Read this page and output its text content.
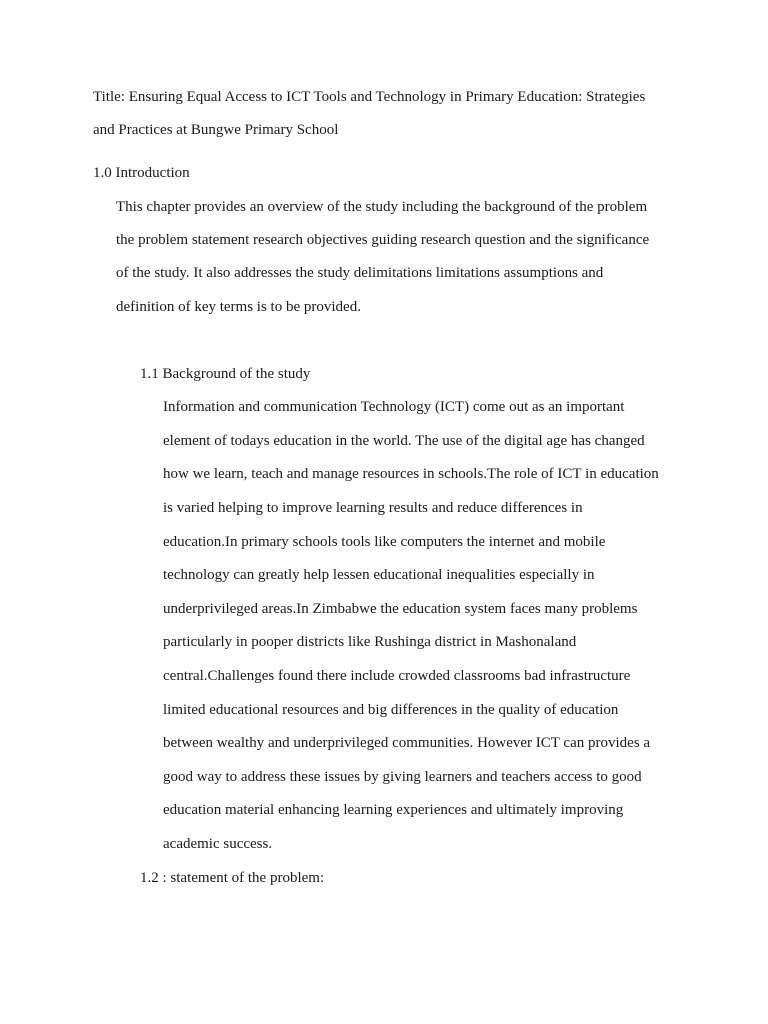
Title: Ensuring Equal Access to ICT Tools and Technology in Primary Education: Strategies
and Practices at Bungwe Primary School
1.0 Introduction
This chapter provides an overview of the study including the background of the problem
the problem statement research objectives guiding research question and the significance
of the study. It also addresses the study delimitations limitations assumptions and
definition of key terms is to be provided.
1.1 Background of the study
Information and communication Technology (ICT) come out as an important
element of todays education in the world. The use of the digital age has changed
how we learn, teach and manage resources in schools.The role of ICT in education
is varied helping to improve learning results and reduce differences in
education.In primary schools tools like computers the internet and mobile
technology can greatly help lessen educational inequalities especially in
underprivileged areas.In Zimbabwe the education system faces many problems
particularly in pooper districts like Rushinga district in Mashonaland
central.Challenges found there include crowded classrooms bad infrastructure
limited educational resources and big differences in the quality of education
between wealthy and underprivileged communities. However ICT can provides a
good way to address these issues by giving learners and teachers access to good
education material enhancing learning experiences and ultimately improving
academic success.
1.2 : statement of the problem:
